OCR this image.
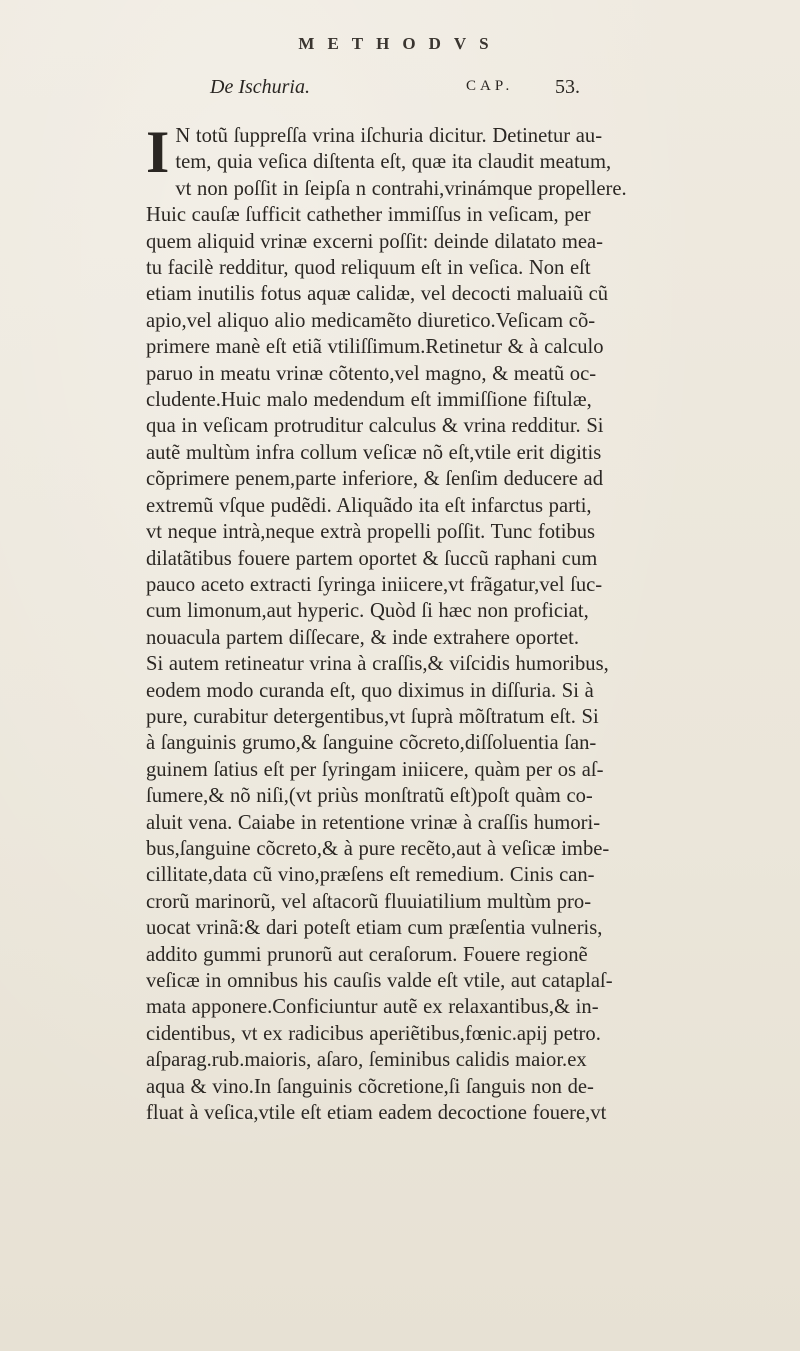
METHODVS
De Ischuria.	CAP. 53.
I N totũ ſuppreſſa vrina iſchuria dicitur. Detinetur au-
tem, quia veſica diſtenta eſt, quæ ita claudit meatum,
vt non poſſit in ſeipſa n contrahi,vrinámque propellere.
Huic cauſæ ſufficit cathether immiſſus in veſicam, per
quem aliquid vrinæ excerni poſſit: deinde dilatato mea-
tu facilè redditur, quod reliquum eſt in veſica. Non eſt
etiam inutilis fotus aquæ calidæ, vel decocti maluaiũ cũ
apio,vel aliquo alio medicamẽto diuretico.Veſicam cõ-
primere manè eſt etiã vtiliſſimum.Retinetur & à calculo
paruo in meatu vrinæ cõtento,vel magno, & meatũ oc-
cludente.Huic malo medendum eſt immiſſione fiſtulæ,
qua in veſicam protruditur calculus & vrina redditur. Si
autẽ multùm infra collum veſicæ nõ eſt,vtile erit digitis
cõprimere penem,parte inferiore, & ſenſim deducere ad
extremũ vſque pudẽdi. Aliquãdo ita eſt infarctus parti,
vt neque intrà,neque extrà propelli poſſit. Tunc fotibus
dilatãtibus fouere partem oportet & ſuccũ raphani cum
pauco aceto extracti ſyringa iniicere,vt frãgatur,vel ſuc-
cum limonum,aut hyperic. Quòd ſi hæc non proficiat,
nouacula partem diſſecare, & inde extrahere oportet.
Si autem retineatur vrina à craſſis,& viſcidis humoribus,
eodem modo curanda eſt, quo diximus in diſſuria. Si à
pure, curabitur detergentibus,vt ſuprà mõſtratum eſt. Si
à ſanguinis grumo,& ſanguine cõcreto,diſſoluentia ſan-
guinem ſatius eſt per ſyringam iniicere, quàm per os aſ-
ſumere,& nõ niſi,(vt priùs monſtratũ eſt)poſt quàm co-
aluit vena. Caiabe in retentione vrinæ à craſſis humori-
bus,ſanguine cõcreto,& à pure recẽto,aut à veſicæ imbe-
cillitate,data cũ vino,præſens eſt remedium. Cinis can-
crorũ marinorũ, vel aſtacorũ fluuiatilium multùm pro-
uocat vrinã:& dari poteſt etiam cum præſentia vulneris,
addito gummi prunorũ aut ceraſorum. Fouere regionẽ
veſicæ in omnibus his cauſis valde eſt vtile, aut cataplaſ-
mata apponere.Conficiuntur autẽ ex relaxantibus,& in-
cidentibus, vt ex radicibus aperiẽtibus,fœnic.apij petro.
aſparag.rub.maioris, aſaro, ſeminibus calidis maior.ex
aqua & vino.In ſanguinis cõcretione,ſi ſanguis non de-
fluat à veſica,vtile eſt etiam eadem decoctione fouere,vt
